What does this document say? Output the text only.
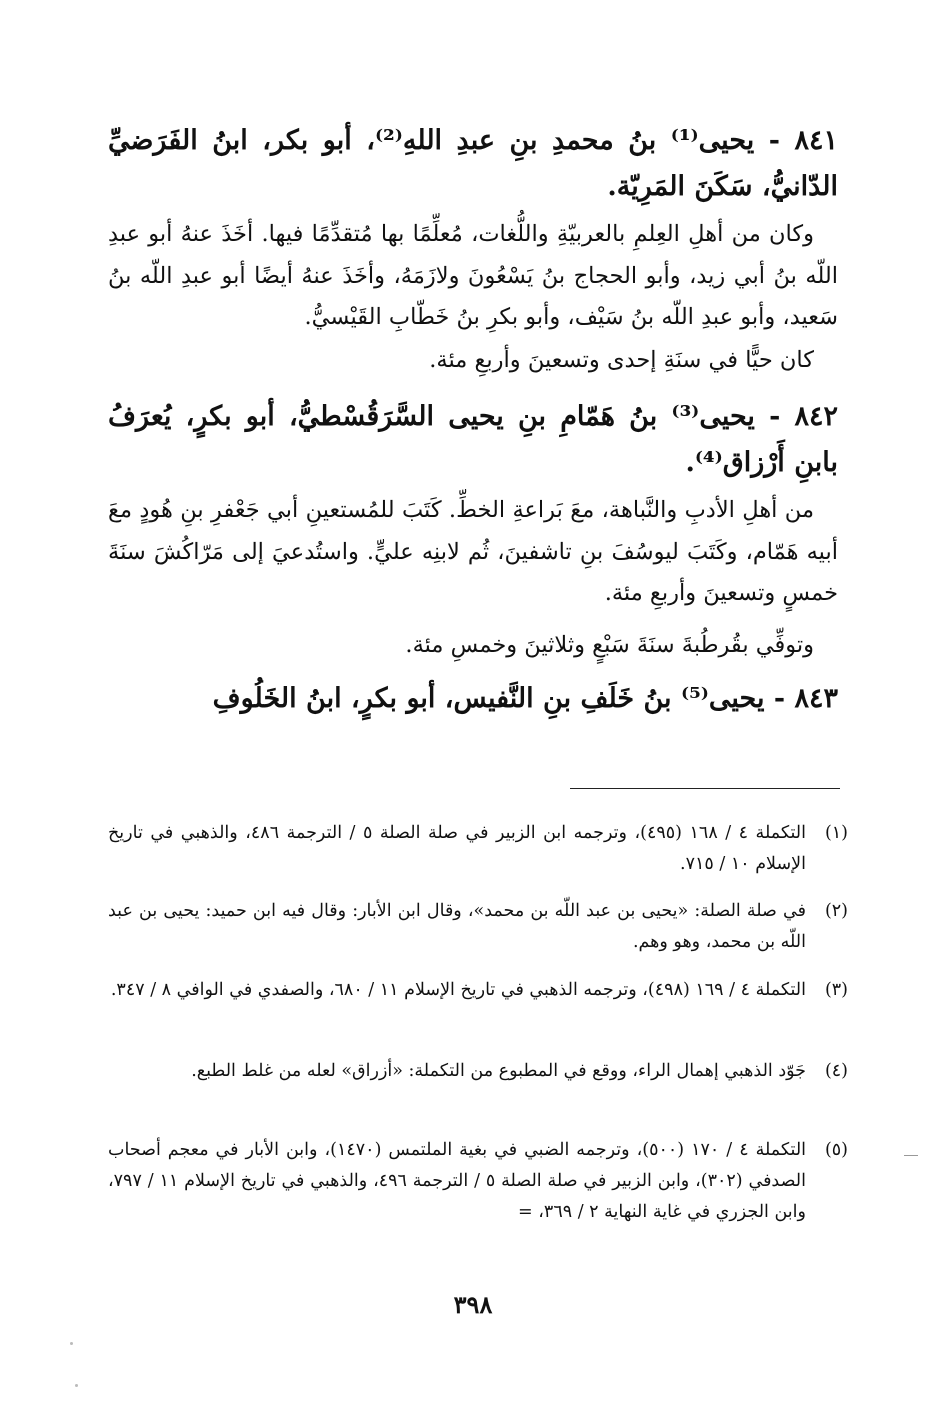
٨٤١ - يحيى⁽¹⁾ بنُ محمدِ بنِ عبدِ اللهِ⁽²⁾، أبو بكر، ابنُ الفَرَضيِّ الدّانيُّ، سَكَنَ المَرِيّة.
وكان من أهلِ العِلمِ بالعربيّةِ واللُّغات، مُعلِّمًا بها مُتقدِّمًا فيها. أخَذَ عنهُ أبو عبدِ اللّه بنُ أبي زيد، وأبو الحجاج بنُ يَسْعُونَ ولازَمَهُ، وأخَذَ عنهُ أيضًا أبو عبدِ اللّه بنُ سَعيد، وأبو عبدِ اللّه بنُ سَيْف، وأبو بكرِ بنُ خَطّابِ القَيْسيُّ.
كان حيًّا في سنَةِ إحدى وتسعينَ وأربعِ مئة.
٨٤٢ - يحيى⁽³⁾ بنُ هَمّامِ بنِ يحيى السَّرَقُسْطيُّ، أبو بكرٍ، يُعرَفُ بابنِ أَرْزاق⁽⁴⁾.
من أهلِ الأدبِ والنَّباهة، معَ بَراعةِ الخطِّ. كَتَبَ للمُستعينِ أبي جَعْفرِ بنِ هُودٍ معَ أبيه هَمّام، وكَتَبَ ليوسُفَ بنِ تاشفينَ، ثُم لابنِه عليٍّ. واستُدعيَ إلى مَرّاكُشَ سنَةَ خمسٍ وتسعينَ وأربعِ مئة.
وتوفِّي بقُرطُبةَ سنَةَ سَبْعٍ وثلاثينَ وخمسِ مئة.
٨٤٣ - يحيى⁽⁵⁾ بنُ خَلَفِ بنِ النَّفيس، أبو بكرٍ، ابنُ الخَلُوفِ
(١)
التكملة ٤ / ١٦٨ (٤٩٥)، وترجمه ابن الزبير في صلة الصلة ٥ / الترجمة ٤٨٦، والذهبي في تاريخ الإسلام ١٠ / ٧١٥.
(٢)
في صلة الصلة: «يحيى بن عبد اللّه بن محمد»، وقال ابن الأبار: وقال فيه ابن حميد: يحيى بن عبد اللّه بن محمد، وهو وهم.
(٣)
التكملة ٤ / ١٦٩ (٤٩٨)، وترجمه الذهبي في تاريخ الإسلام ١١ / ٦٨٠، والصفدي في الوافي ٨ / ٣٤٧.
(٤)
جَوّد الذهبي إهمال الراء، ووقع في المطبوع من التكملة: «أزراق» لعله من غلط الطبع.
(٥)
التكملة ٤ / ١٧٠ (٥٠٠)، وترجمه الضبي في بغية الملتمس (١٤٧٠)، وابن الأبار في معجم أصحاب الصدفي (٣٠٢)، وابن الزبير في صلة الصلة ٥ / الترجمة ٤٩٦، والذهبي في تاريخ الإسلام ١١ / ٧٩٧، وابن الجزري في غاية النهاية ٢ / ٣٦٩، =
٣٩٨
